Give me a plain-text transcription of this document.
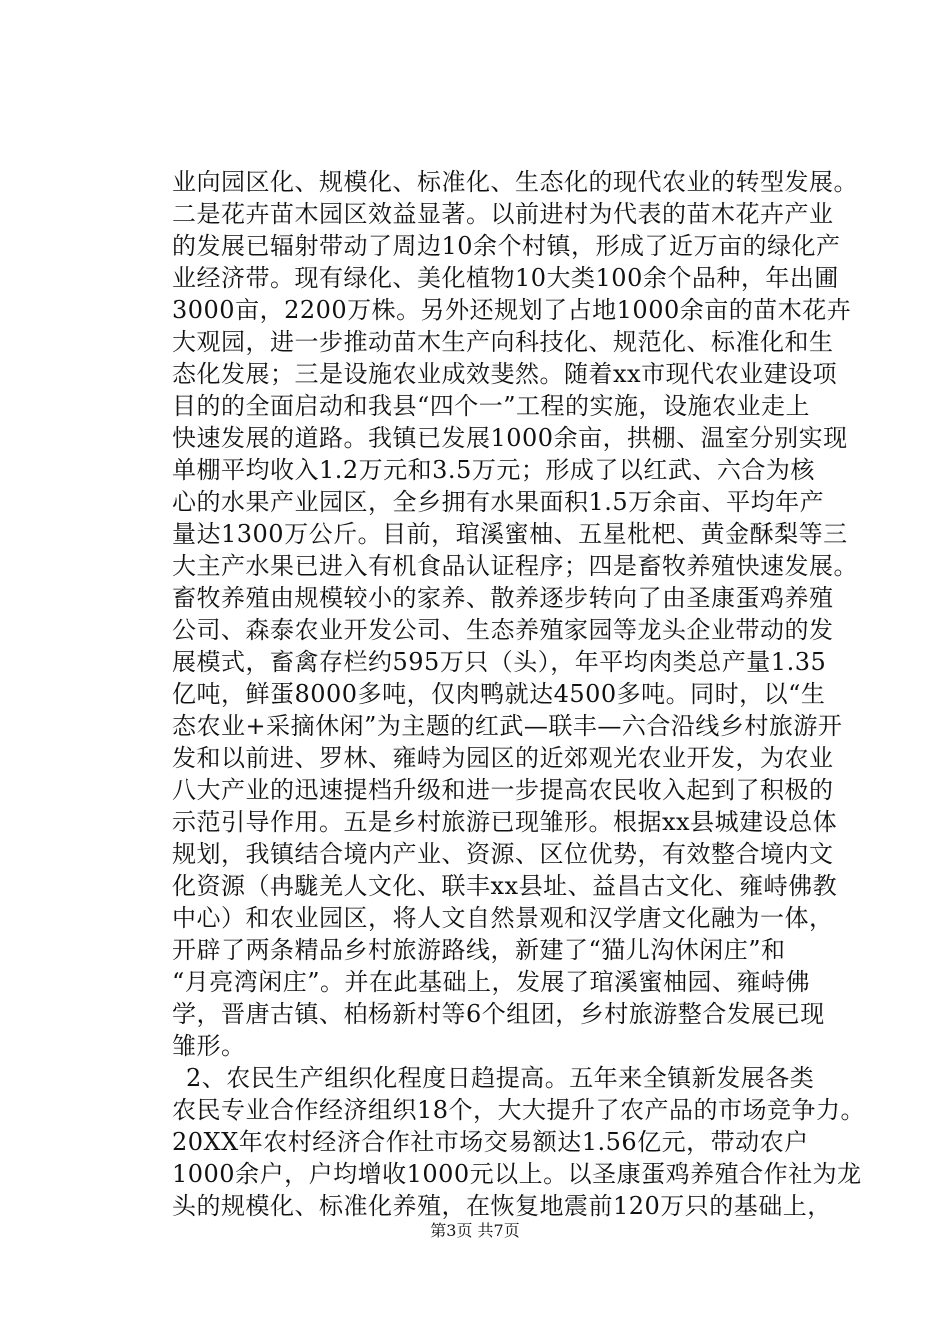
业向园区化、规模化、标准化、生态化的现代农业的转型发展。
二是花卉苗木园区效益显著。以前进村为代表的苗木花卉产业
的发展已辐射带动了周边10余个村镇，形成了近万亩的绿化产
业经济带。现有绿化、美化植物10大类100余个品种，年出圃
3000亩，2200万株。另外还规划了占地1000余亩的苗木花卉
大观园，进一步推动苗木生产向科技化、规范化、标准化和生
态化发展；三是设施农业成效斐然。随着xx市现代农业建设项
目的的全面启动和我县“四个一”工程的实施，设施农业走上
快速发展的道路。我镇已发展1000余亩，拱棚、温室分别实现
单棚平均收入1.2万元和3.5万元；形成了以红武、六合为核
心的水果产业园区，全乡拥有水果面积1.5万余亩、平均年产
量达1300万公斤。目前，琯溪蜜柚、五星枇杷、黄金酥梨等三
大主产水果已进入有机食品认证程序；四是畜牧养殖快速发展。
畜牧养殖由规模较小的家养、散养逐步转向了由圣康蛋鸡养殖
公司、森泰农业开发公司、生态养殖家园等龙头企业带动的发
展模式，畜禽存栏约595万只（头），年平均肉类总产量1.35
亿吨，鲜蛋8000多吨，仅肉鸭就达4500多吨。同时，以“生
态农业+采摘休闲”为主题的红武—联丰—六合沿线乡村旅游开
发和以前进、罗林、雍峙为园区的近郊观光农业开发，为农业
八大产业的迅速提档升级和进一步提高农民收入起到了积极的
示范引导作用。五是乡村旅游已现雏形。根据xx县城建设总体
规划，我镇结合境内产业、资源、区位优势，有效整合境内文
化资源（冉駹羌人文化、联丰xx县址、益昌古文化、雍峙佛教
中心）和农业园区，将人文自然景观和汉学唐文化融为一体，
开辟了两条精品乡村旅游路线，新建了“猫儿沟休闲庄”和
“月亮湾闲庄”。并在此基础上，发展了琯溪蜜柚园、雍峙佛
学，晋唐古镇、柏杨新村等6个组团，乡村旅游整合发展已现
雏形。
2、农民生产组织化程度日趋提高。五年来全镇新发展各类
农民专业合作经济组织18个，大大提升了农产品的市场竞争力。
20XX年农村经济合作社市场交易额达1.56亿元，带动农户
1000余户，户均增收1000元以上。以圣康蛋鸡养殖合作社为龙
头的规模化、标准化养殖，在恢复地震前120万只的基础上，
第3页 共7页
